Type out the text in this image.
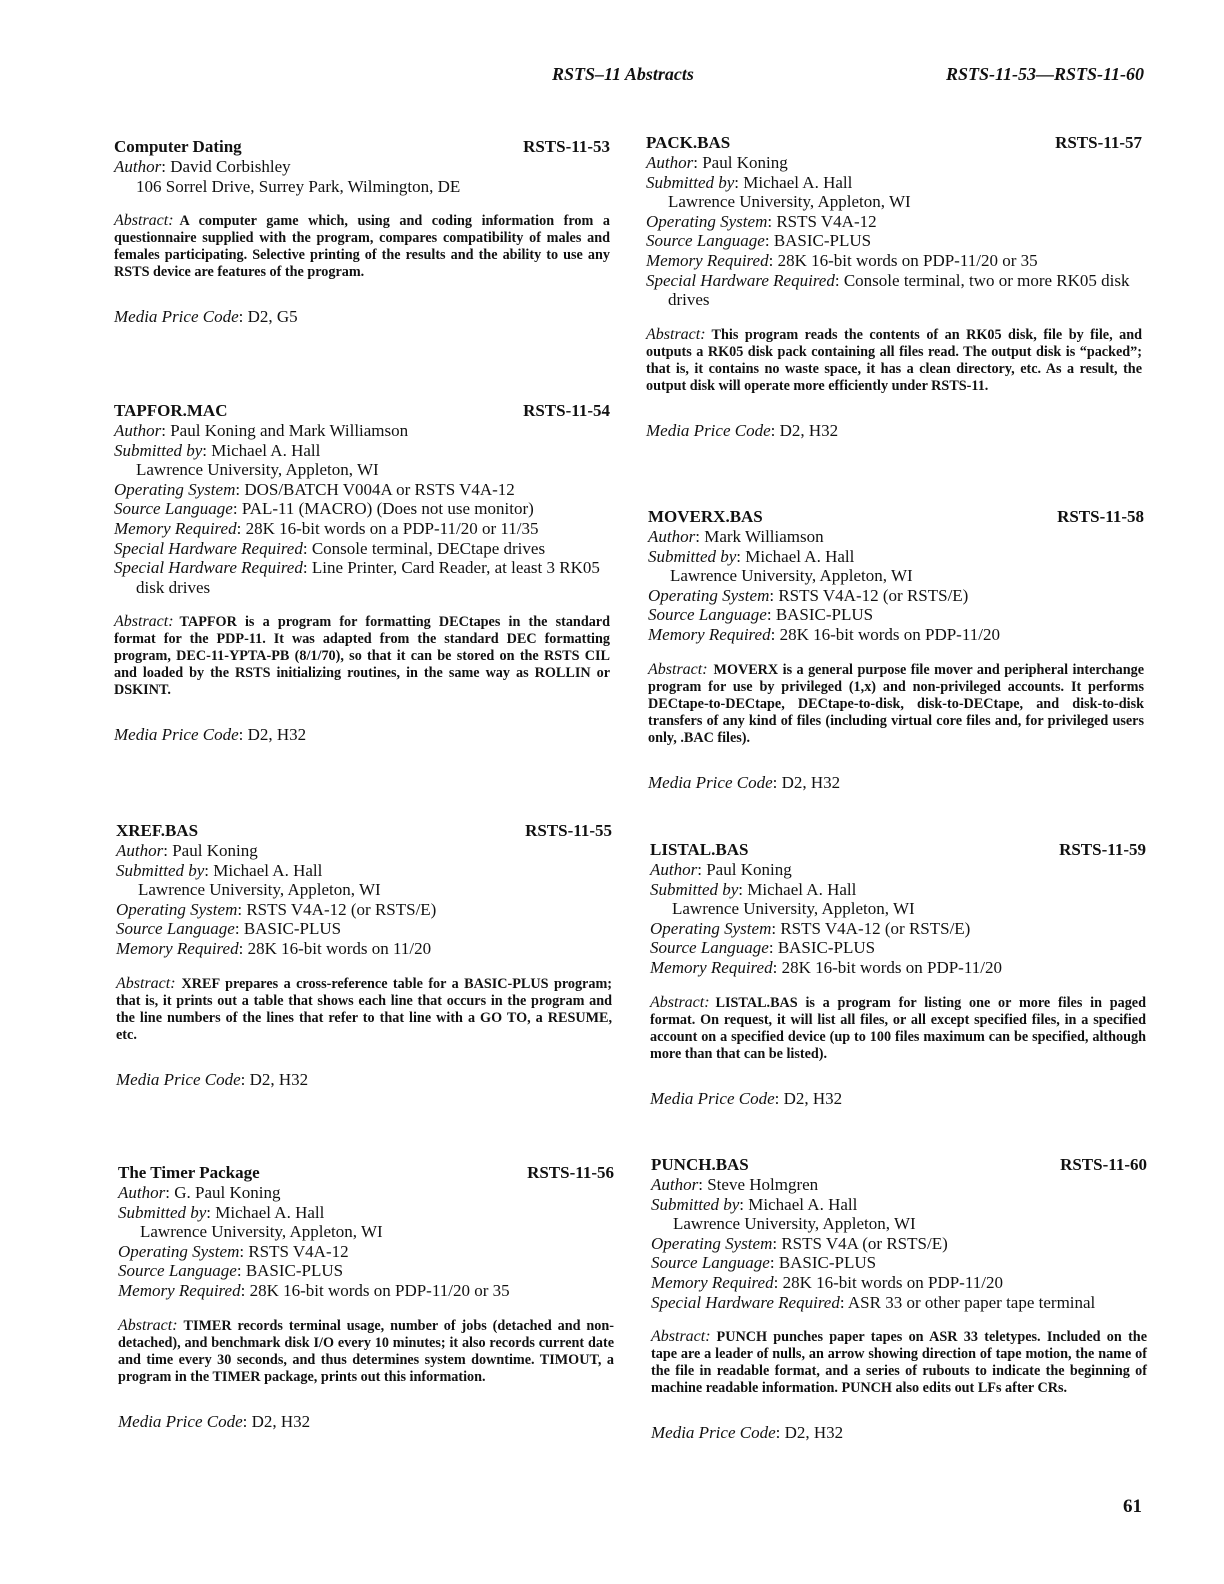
RSTS–11 Abstracts	RSTS-11-53—RSTS-11-60
Computer Dating	RSTS-11-53
Author: David Corbishley
106 Sorrel Drive, Surrey Park, Wilmington, DE
Abstract: A computer game which, using and coding information from a questionnaire supplied with the program, compares compatibility of males and females participating. Selective printing of the results and the ability to use any RSTS device are features of the program.
Media Price Code: D2, G5
TAPFOR.MAC	RSTS-11-54
Author: Paul Koning and Mark Williamson
Submitted by: Michael A. Hall
Lawrence University, Appleton, WI
Operating System: DOS/BATCH V004A or RSTS V4A-12
Source Language: PAL-11 (MACRO) (Does not use monitor)
Memory Required: 28K 16-bit words on a PDP-11/20 or 11/35
Special Hardware Required: Console terminal, DECtape drives
Special Hardware Required: Line Printer, Card Reader, at least 3 RK05 disk drives
Abstract: TAPFOR is a program for formatting DECtapes in the standard format for the PDP-11. It was adapted from the standard DEC formatting program, DEC-11-YPTA-PB (8/1/70), so that it can be stored on the RSTS CIL and loaded by the RSTS initializing routines, in the same way as ROLLIN or DSKINT.
Media Price Code: D2, H32
XREF.BAS	RSTS-11-55
Author: Paul Koning
Submitted by: Michael A. Hall
Lawrence University, Appleton, WI
Operating System: RSTS V4A-12 (or RSTS/E)
Source Language: BASIC-PLUS
Memory Required: 28K 16-bit words on 11/20
Abstract: XREF prepares a cross-reference table for a BASIC-PLUS program; that is, it prints out a table that shows each line that occurs in the program and the line numbers of the lines that refer to that line with a GO TO, a RESUME, etc.
Media Price Code: D2, H32
The Timer Package	RSTS-11-56
Author: G. Paul Koning
Submitted by: Michael A. Hall
Lawrence University, Appleton, WI
Operating System: RSTS V4A-12
Source Language: BASIC-PLUS
Memory Required: 28K 16-bit words on PDP-11/20 or 35
Abstract: TIMER records terminal usage, number of jobs (detached and non-detached), and benchmark disk I/O every 10 minutes; it also records current date and time every 30 seconds, and thus determines system downtime. TIMOUT, a program in the TIMER package, prints out this information.
Media Price Code: D2, H32
PACK.BAS	RSTS-11-57
Author: Paul Koning
Submitted by: Michael A. Hall
Lawrence University, Appleton, WI
Operating System: RSTS V4A-12
Source Language: BASIC-PLUS
Memory Required: 28K 16-bit words on PDP-11/20 or 35
Special Hardware Required: Console terminal, two or more RK05 disk drives
Abstract: This program reads the contents of an RK05 disk, file by file, and outputs a RK05 disk pack containing all files read. The output disk is “packed”; that is, it contains no waste space, it has a clean directory, etc. As a result, the output disk will operate more efficiently under RSTS-11.
Media Price Code: D2, H32
MOVERX.BAS	RSTS-11-58
Author: Mark Williamson
Submitted by: Michael A. Hall
Lawrence University, Appleton, WI
Operating System: RSTS V4A-12 (or RSTS/E)
Source Language: BASIC-PLUS
Memory Required: 28K 16-bit words on PDP-11/20
Abstract: MOVERX is a general purpose file mover and peripheral interchange program for use by privileged (1,x) and non-privileged accounts. It performs DECtape-to-DECtape, DECtape-to-disk, disk-to-DECtape, and disk-to-disk transfers of any kind of files (including virtual core files and, for privileged users only, .BAC files).
Media Price Code: D2, H32
LISTAL.BAS	RSTS-11-59
Author: Paul Koning
Submitted by: Michael A. Hall
Lawrence University, Appleton, WI
Operating System: RSTS V4A-12 (or RSTS/E)
Source Language: BASIC-PLUS
Memory Required: 28K 16-bit words on PDP-11/20
Abstract: LISTAL.BAS is a program for listing one or more files in paged format. On request, it will list all files, or all except specified files, in a specified account on a specified device (up to 100 files maximum can be specified, although more than that can be listed).
Media Price Code: D2, H32
PUNCH.BAS	RSTS-11-60
Author: Steve Holmgren
Submitted by: Michael A. Hall
Lawrence University, Appleton, WI
Operating System: RSTS V4A (or RSTS/E)
Source Language: BASIC-PLUS
Memory Required: 28K 16-bit words on PDP-11/20
Special Hardware Required: ASR 33 or other paper tape terminal
Abstract: PUNCH punches paper tapes on ASR 33 teletypes. Included on the tape are a leader of nulls, an arrow showing direction of tape motion, the name of the file in readable format, and a series of rubouts to indicate the beginning of machine readable information. PUNCH also edits out LFs after CRs.
Media Price Code: D2, H32
61
